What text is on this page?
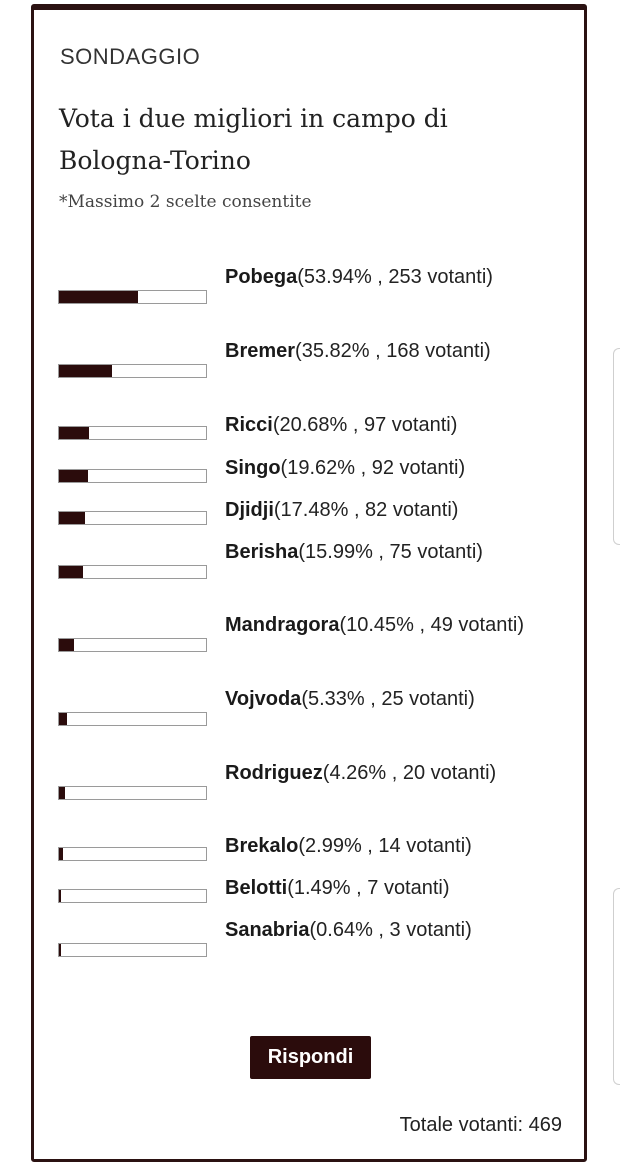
SONDAGGIO
Vota i due migliori in campo di Bologna-Torino
*Massimo 2 scelte consentite
Pobega(53.94% , 253 votanti)
Bremer(35.82% , 168 votanti)
Ricci(20.68% , 97 votanti)
Singo(19.62% , 92 votanti)
Djidji(17.48% , 82 votanti)
Berisha(15.99% , 75 votanti)
Mandragora(10.45% , 49 votanti)
Vojvoda(5.33% , 25 votanti)
Rodriguez(4.26% , 20 votanti)
Brekalo(2.99% , 14 votanti)
Belotti(1.49% , 7 votanti)
Sanabria(0.64% , 3 votanti)
Rispondi
Totale votanti: 469
